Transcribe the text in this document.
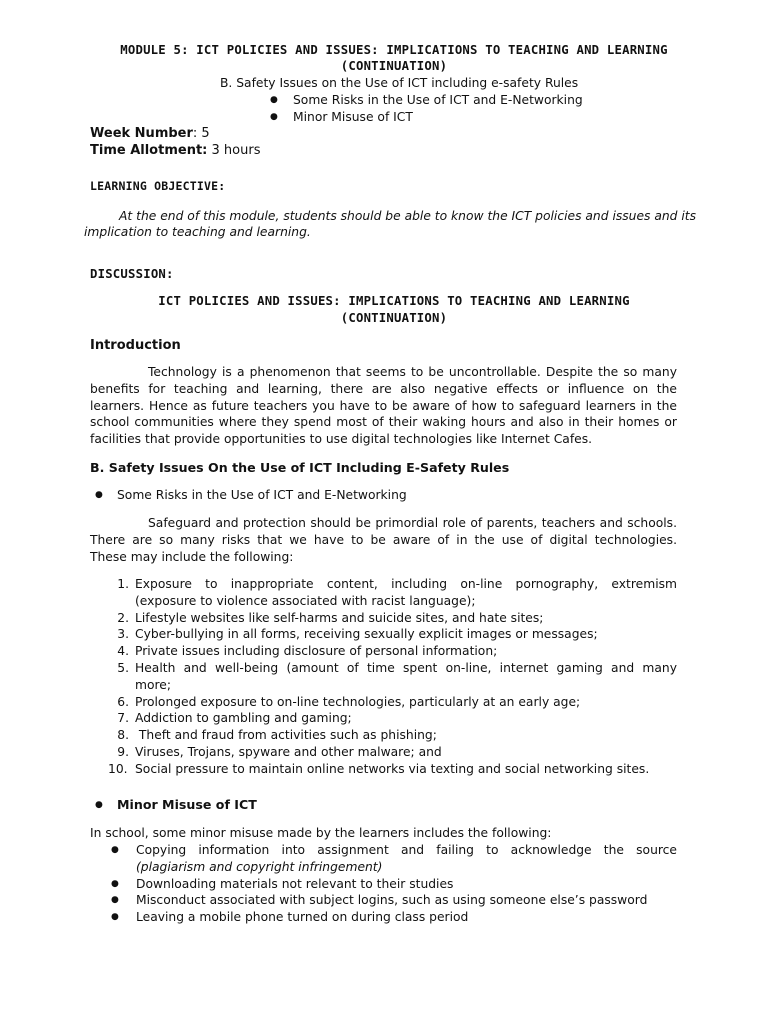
MODULE 5: ICT POLICIES AND ISSUES: IMPLICATIONS TO TEACHING AND LEARNING
(CONTINUATION)
B. Safety Issues on the Use of ICT including e-safety Rules
● Some Risks in the Use of ICT and E-Networking
● Minor Misuse of ICT
Week Number: 5
Time Allotment: 3 hours
LEARNING OBJECTIVE:
At the end of this module, students should be able to know the ICT policies and issues and its
implication to teaching and learning.
DISCUSSION:
ICT POLICIES AND ISSUES: IMPLICATIONS TO TEACHING AND LEARNING
(CONTINUATION)
Introduction
Technology is a phenomenon that seems to be uncontrollable. Despite the so many
benefits for teaching and learning, there are also negative effects or influence on the
learners. Hence as future teachers you have to be aware of how to safeguard learners in the
school communities where they spend most of their waking hours and also in their homes or
facilities that provide opportunities to use digital technologies like Internet Cafes.
B. Safety Issues On the Use of ICT Including E-Safety Rules
● Some Risks in the Use of ICT and E-Networking
Safeguard and protection should be primordial role of parents, teachers and schools.
There are so many risks that we have to be aware of in the use of digital technologies.
These may include the following:
1. Exposure to inappropriate content, including on-line pornography, extremism
(exposure to violence associated with racist language);
2. Lifestyle websites like self-harms and suicide sites, and hate sites;
3. Cyber-bullying in all forms, receiving sexually explicit images or messages;
4. Private issues including disclosure of personal information;
5. Health and well-being (amount of time spent on-line, internet gaming and many
more;
6. Prolonged exposure to on-line technologies, particularly at an early age;
7. Addiction to gambling and gaming;
8. Theft and fraud from activities such as phishing;
9. Viruses, Trojans, spyware and other malware; and
10. Social pressure to maintain online networks via texting and social networking sites.
● Minor Misuse of ICT
In school, some minor misuse made by the learners includes the following:
● Copying information into assignment and failing to acknowledge the source
(plagiarism and copyright infringement)
● Downloading materials not relevant to their studies
● Misconduct associated with subject logins, such as using someone else’s password
● Leaving a mobile phone turned on during class period
